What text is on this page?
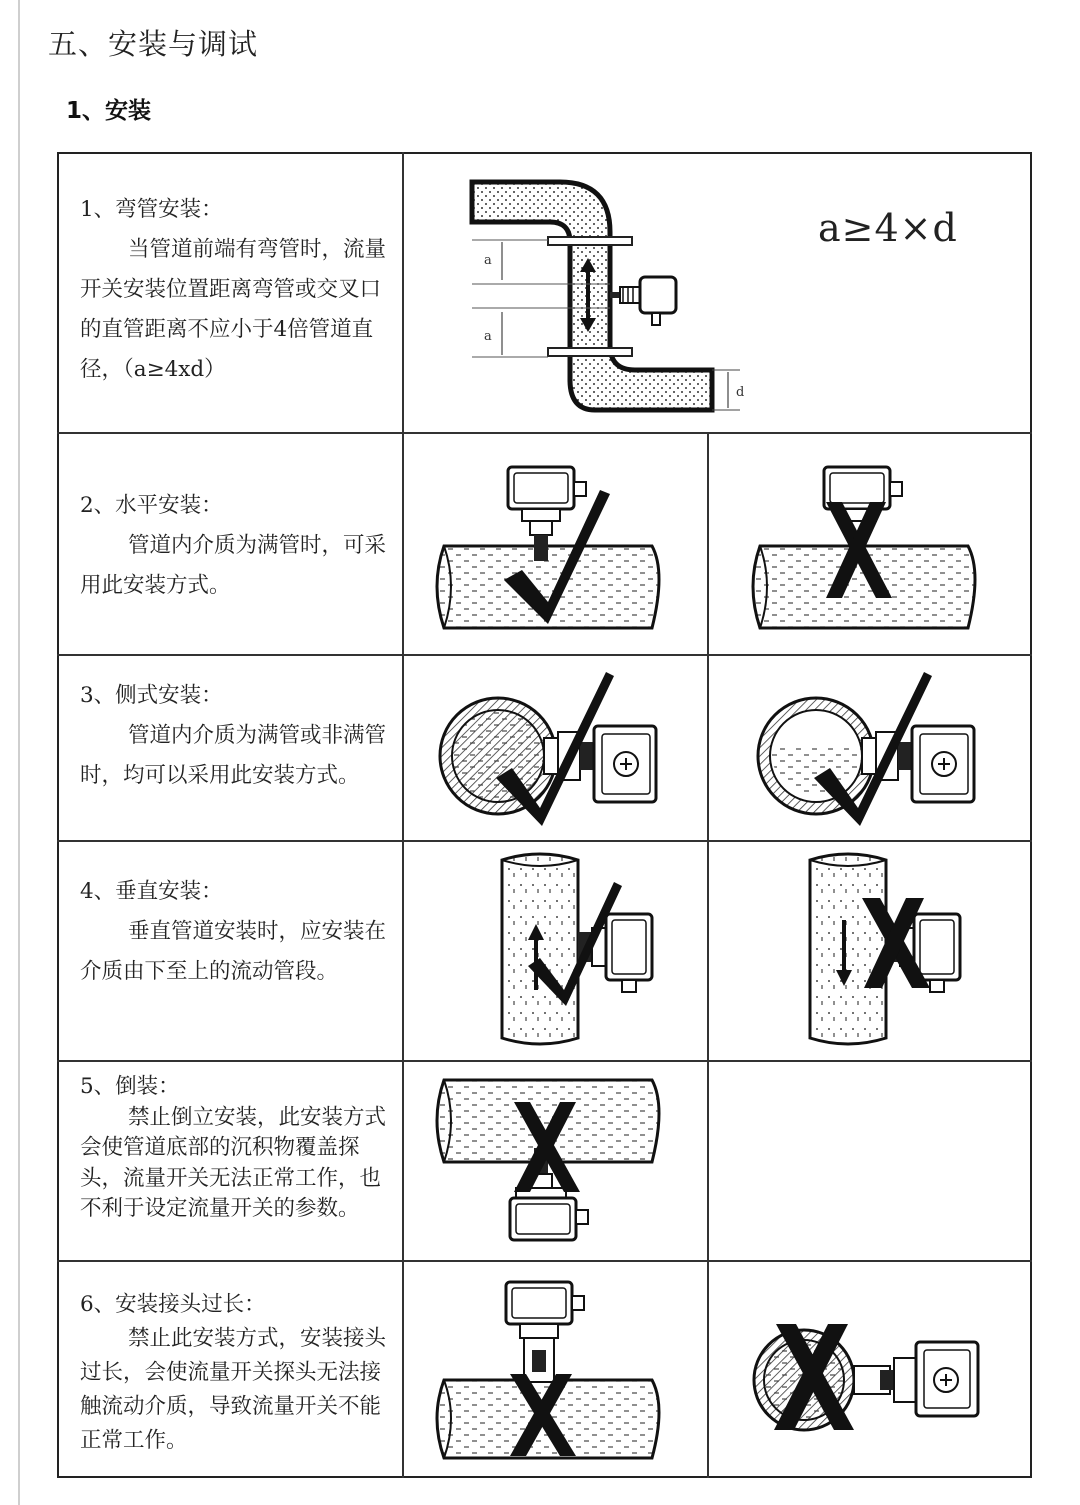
五、安装与调试
1、安装
1、弯管安装：

当管道前端有弯管时，流量开关安装位置距离弯管或交叉口的直管距离不应小于4倍管道直径，（a≥4xd）

2、水平安装：

管道内介质为满管时，可采用此安装方式。

3、侧式安装：

管道内介质为满管或非满管时，均可以采用此安装方式。

4、垂直安装：

垂直管道安装时，应安装在介质由下至上的流动管段。

5、倒装：

禁止倒立安装，此安装方式会使管道底部的沉积物覆盖探头，流量开关无法正常工作，也不利于设定流量开关的参数。

6、安装接头过长：

禁止此安装方式，安装接头过长，会使流量开关探头无法接触流动介质，导致流量开关不能正常工作。

a
a
d
a≥4×d
